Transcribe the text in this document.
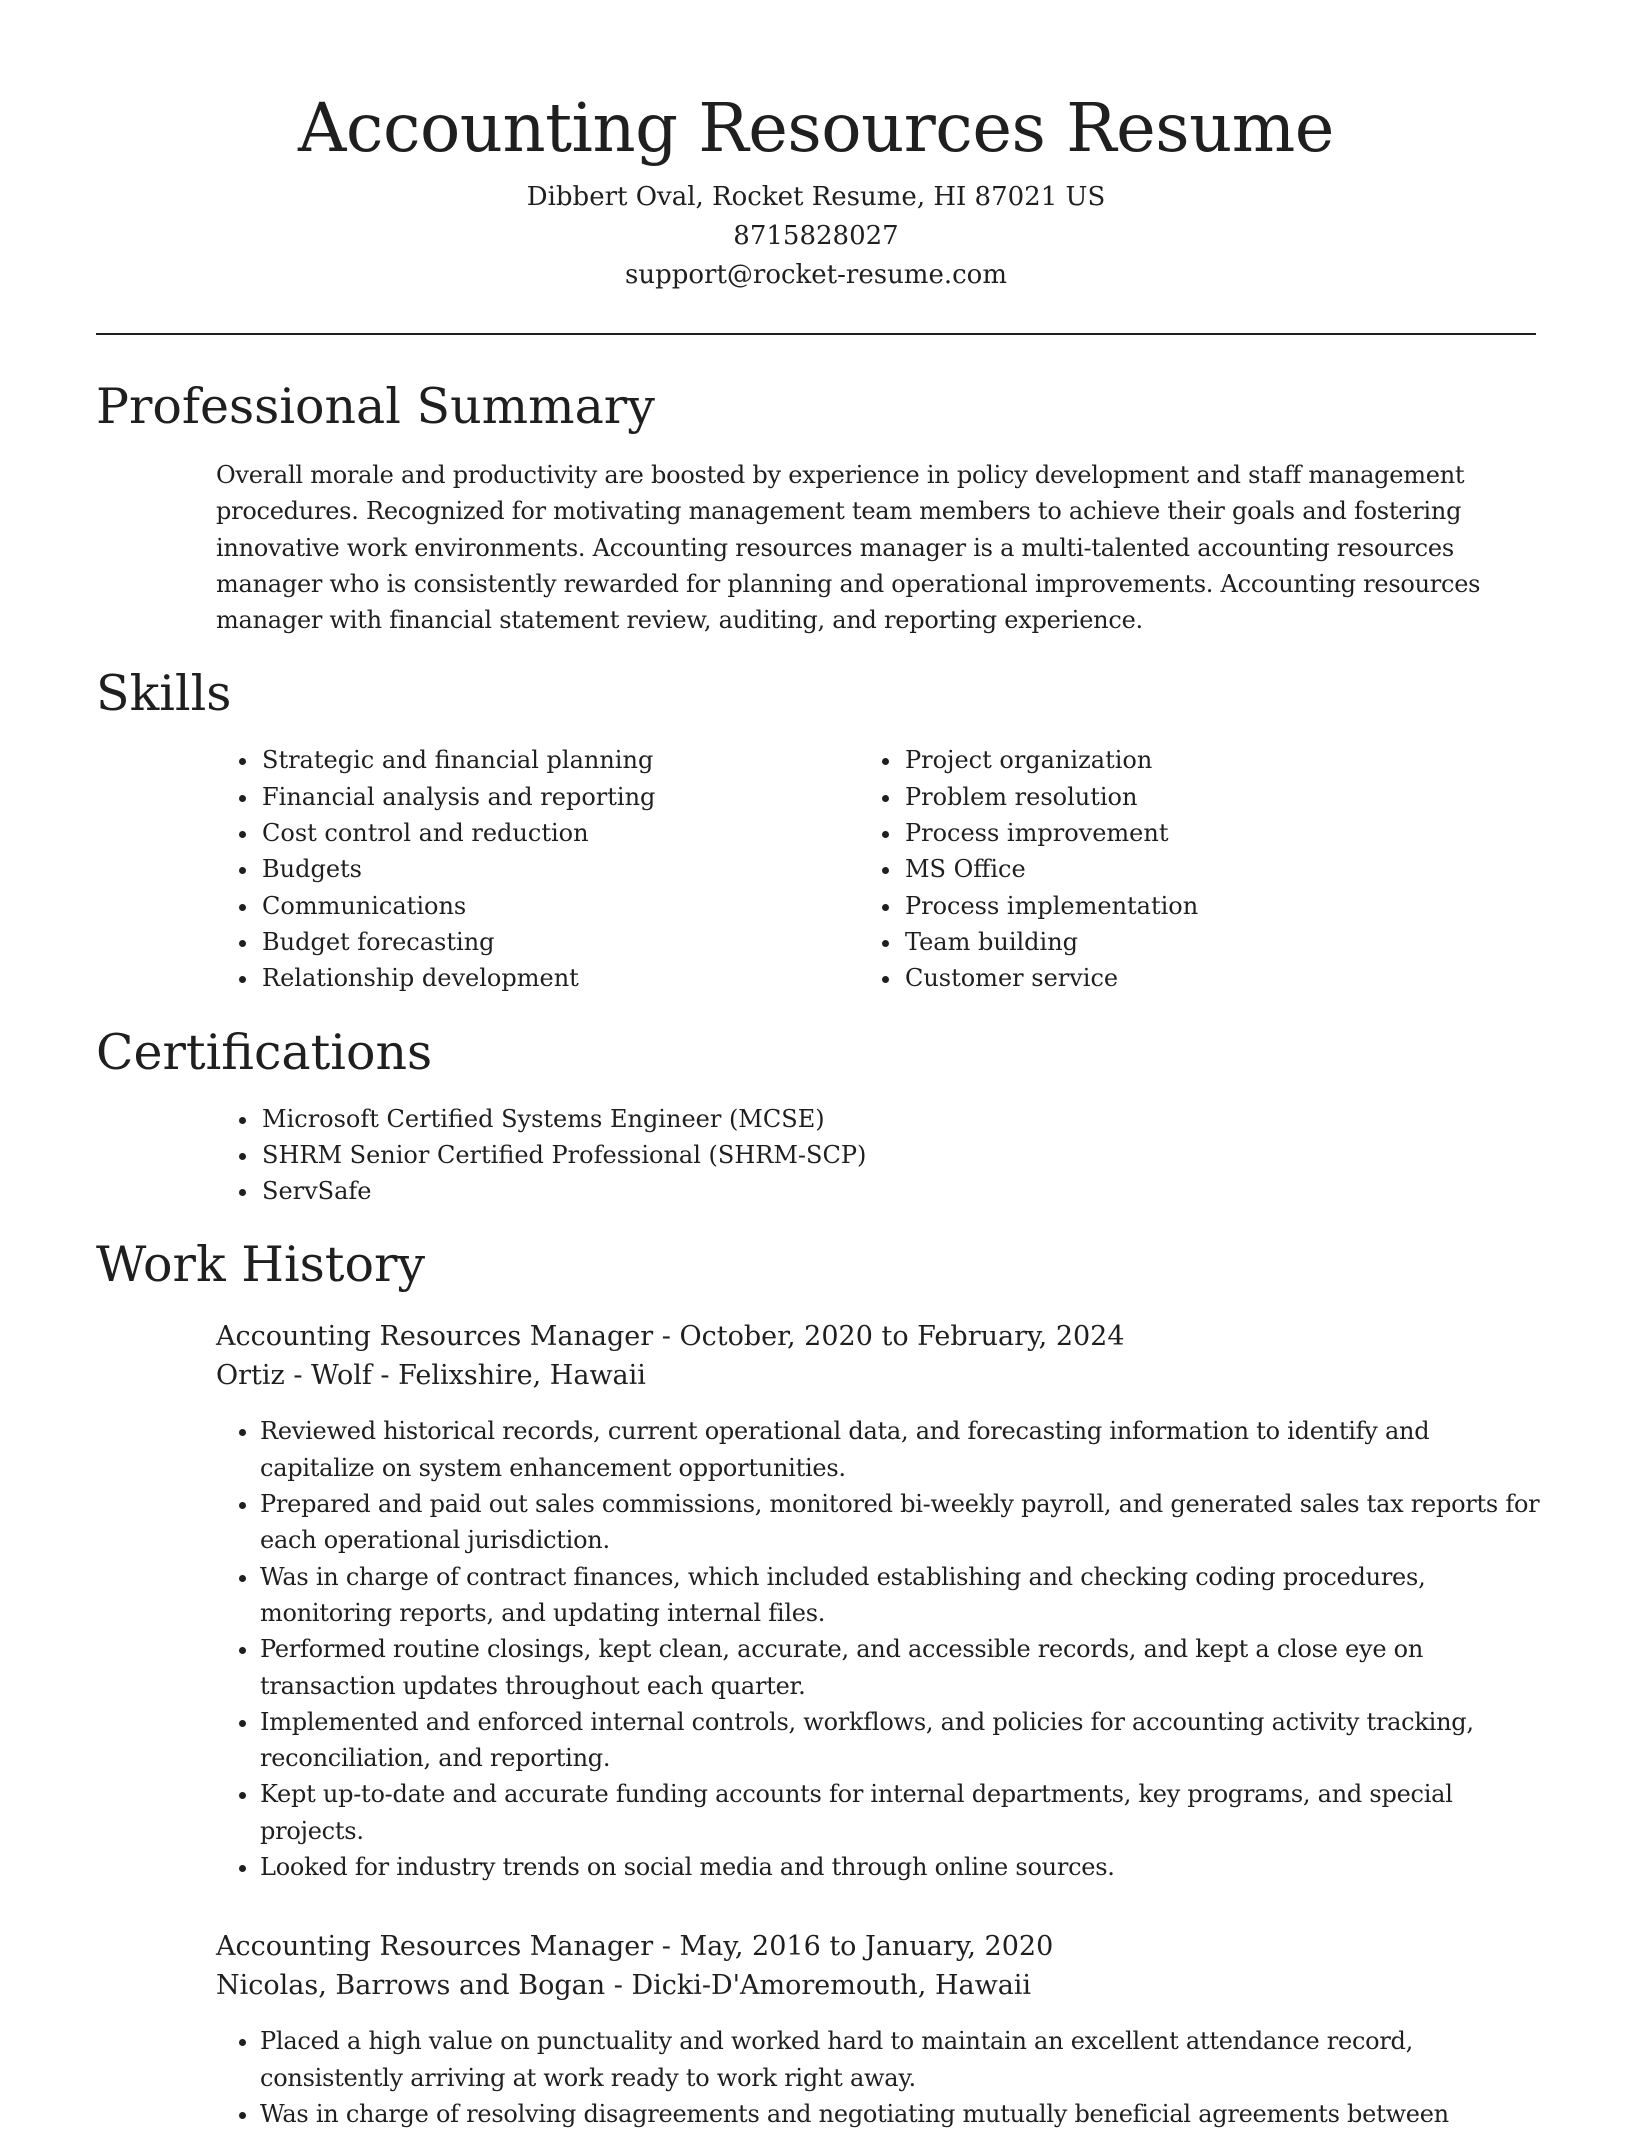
Accounting Resources Resume
Dibbert Oval, Rocket Resume, HI 87021 US
8715828027
support@rocket-resume.com
Professional Summary

Overall morale and productivity are boosted by experience in policy development and staff management procedures. Recognized for motivating management team members to achieve their goals and fostering innovative work environments. Accounting resources manager is a multi-talented accounting resources manager who is consistently rewarded for planning and operational improvements. Accounting resources manager with financial statement review, auditing, and reporting experience.

Skills
• Strategic and financial planning
• Financial analysis and reporting
• Cost control and reduction
• Budgets
• Communications
• Budget forecasting
• Relationship development
• Project organization
• Problem resolution
• Process improvement
• MS Office
• Process implementation
• Team building
• Customer service
Certifications
• Microsoft Certified Systems Engineer (MCSE)
• SHRM Senior Certified Professional (SHRM-SCP)
• ServSafe
Work History
Accounting Resources Manager - October, 2020 to February, 2024
Ortiz - Wolf - Felixshire, Hawaii
• Reviewed historical records, current operational data, and forecasting information to identify and capitalize on system enhancement opportunities.
• Prepared and paid out sales commissions, monitored bi-weekly payroll, and generated sales tax reports for each operational jurisdiction.
• Was in charge of contract finances, which included establishing and checking coding procedures, monitoring reports, and updating internal files.
• Performed routine closings, kept clean, accurate, and accessible records, and kept a close eye on transaction updates throughout each quarter.
• Implemented and enforced internal controls, workflows, and policies for accounting activity tracking, reconciliation, and reporting.
• Kept up-to-date and accurate funding accounts for internal departments, key programs, and special projects.
• Looked for industry trends on social media and through online sources.
Accounting Resources Manager - May, 2016 to January, 2020
Nicolas, Barrows and Bogan - Dicki-D'Amoremouth, Hawaii
• Placed a high value on punctuality and worked hard to maintain an excellent attendance record, consistently arriving at work ready to work right away.
• Was in charge of resolving disagreements and negotiating mutually beneficial agreements between
